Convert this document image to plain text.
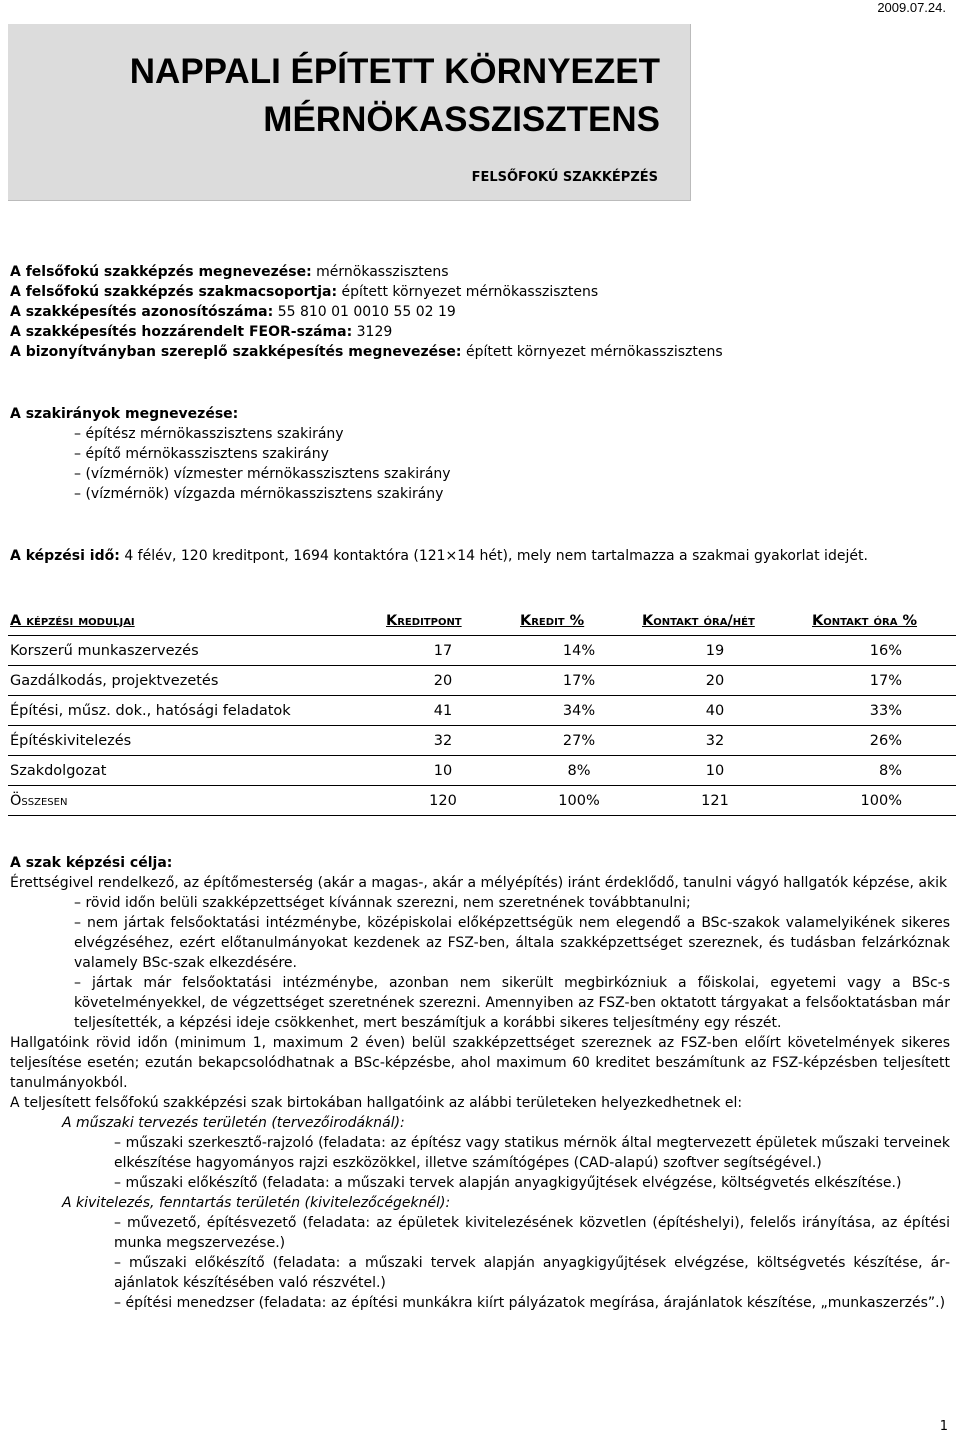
2009.07.24.
NAPPALI ÉPÍTETT KÖRNYEZET
MÉRNÖKASSZISZTENS
FELSŐFOKÚ SZAKKÉPZÉS
A felsőfokú szakképzés megnevezése: mérnökasszisztens
A felsőfokú szakképzés szakmacsoportja: épített környezet mérnökasszisztens
A szakképesítés azonosítószáma: 55 810 01 0010 55 02 19
A szakképesítés hozzárendelt FEOR-száma: 3129
A bizonyítványban szereplő szakképesítés megnevezése: épített környezet mérnökasszisztens
A szakirányok megnevezése:
– építész mérnökasszisztens szakirány
– építő mérnökasszisztens szakirány
– (vízmérnök) vízmester mérnökasszisztens szakirány
– (vízmérnök) vízgazda mérnökasszisztens szakirány
A képzési idő: 4 félév, 120 kreditpont, 1694 kontaktóra (121×14 hét), mely nem tartalmazza a szakmai gyakorlat idejét.
A képzési moduljai	Kreditpont	Kredit %	Kontakt óra/hét	Kontakt óra %
Korszerű munkaszervezés	17	14%	19	16%
Gazdálkodás, projektvezetés	20	17%	20	17%
Építési, műsz. dok., hatósági feladatok	41	34%	40	33%
Építéskivitelezés	32	27%	32	26%
Szakdolgozat	10	8%	10	8%
Összesen	120	100%	121	100%
A szak képzési célja:
Érettségivel rendelkező, az építőmesterség (akár a magas-, akár a mélyépítés) iránt érdeklődő, tanulni vágyó hallgatók képzése, akik
– rövid időn belüli szakképzettséget kívánnak szerezni, nem szeretnének továbbtanulni;
– nem jártak felsőoktatási intézménybe, középiskolai előképzettségük nem elegendő a BSc-szakok valamelyikének sikeres elvégzéséhez, ezért előtanulmányokat kezdenek az FSZ-ben, általa szakképzettséget szereznek, és tudásban felzárkóznak valamely BSc-szak elkezdésére.
– jártak már felsőoktatási intézménybe, azonban nem sikerült megbirkózniuk a főiskolai, egyetemi vagy a BSc-s követelményekkel, de végzettséget szeretnének szerezni. Amennyiben az FSZ-ben oktatott tárgyakat a felsőoktatásban már teljesítették, a képzési ideje csökkenhet, mert beszámítjuk a korábbi sikeres teljesítmény egy részét.
Hallgatóink rövid időn (minimum 1, maximum 2 éven) belül szakképzettséget szereznek az FSZ-ben előírt követelmények sikeres teljesítése esetén; ezután bekapcsolódhatnak a BSc-képzésbe, ahol maximum 60 kreditet beszámítunk az FSZ-képzésben teljesített tanulmányokból.
A teljesített felsőfokú szakképzési szak birtokában hallgatóink az alábbi területeken helyezkedhetnek el:
A műszaki tervezés területén (tervezőirodáknál):
– műszaki szerkesztő-rajzoló (feladata: az építész vagy statikus mérnök által megtervezett épületek műszaki terveinek elkészítése hagyományos rajzi eszközökkel, illetve számítógépes (CAD-alapú) szoftver segítségével.)
– műszaki előkészítő (feladata: a műszaki tervek alapján anyagkigyűjtések elvégzése, költségvetés elkészítése.)
A kivitelezés, fenntartás területén (kivitelezőcégeknél):
– művezető, építésvezető (feladata: az épületek kivitelezésének közvetlen (építéshelyi), felelős irányítása, az építési munka megszervezése.)
– műszaki előkészítő (feladata: a műszaki tervek alapján anyagkigyűjtések elvégzése, költségvetés készítése, árajánlatok készítésében való részvétel.)
– építési menedzser (feladata: az építési munkákra kiírt pályázatok megírása, árajánlatok készítése, „munkaszerzés”.)
1
